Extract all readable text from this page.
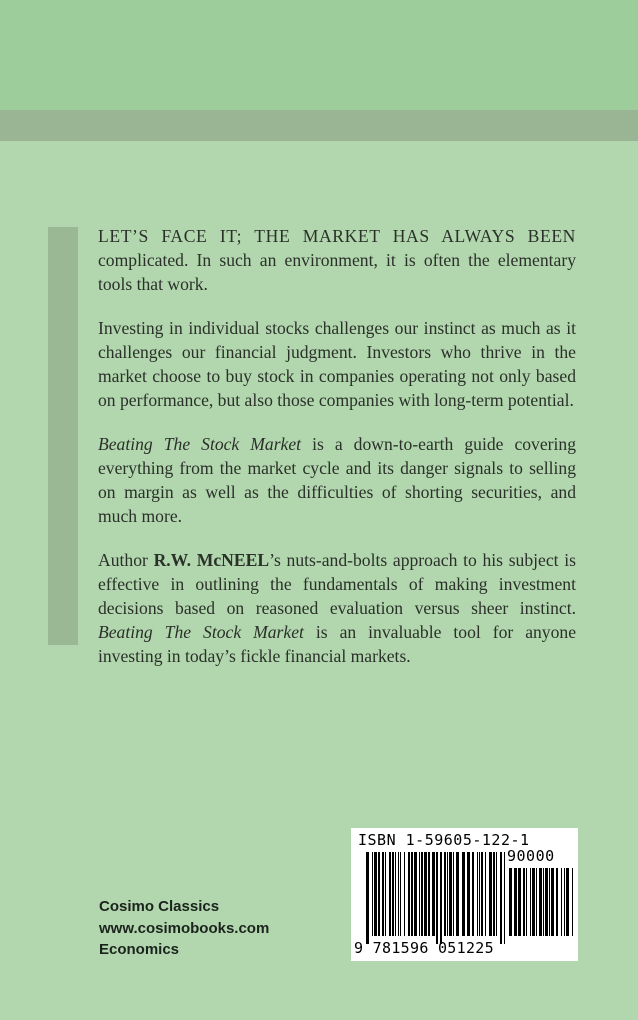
LET’S FACE IT; THE MARKET HAS ALWAYS BEEN complicated. In such an environment, it is often the elementary tools that work.

Investing in individual stocks challenges our instinct as much as it challenges our financial judgment. Investors who thrive in the market choose to buy stock in companies operating not only based on performance, but also those companies with long-term potential.

Beating The Stock Market is a down-to-earth guide covering everything from the market cycle and its danger signals to selling on margin as well as the difficulties of shorting securities, and much more.

Author R.W. McNEEL’s nuts-and-bolts approach to his subject is effective in outlining the fundamentals of making investment decisions based on reasoned evaluation versus sheer instinct. Beating The Stock Market is an invaluable tool for anyone investing in today’s fickle financial markets.

Cosimo Classics
www.cosimobooks.com
Economics
ISBN 1-59605-122-1
90000
9 781596 051225
